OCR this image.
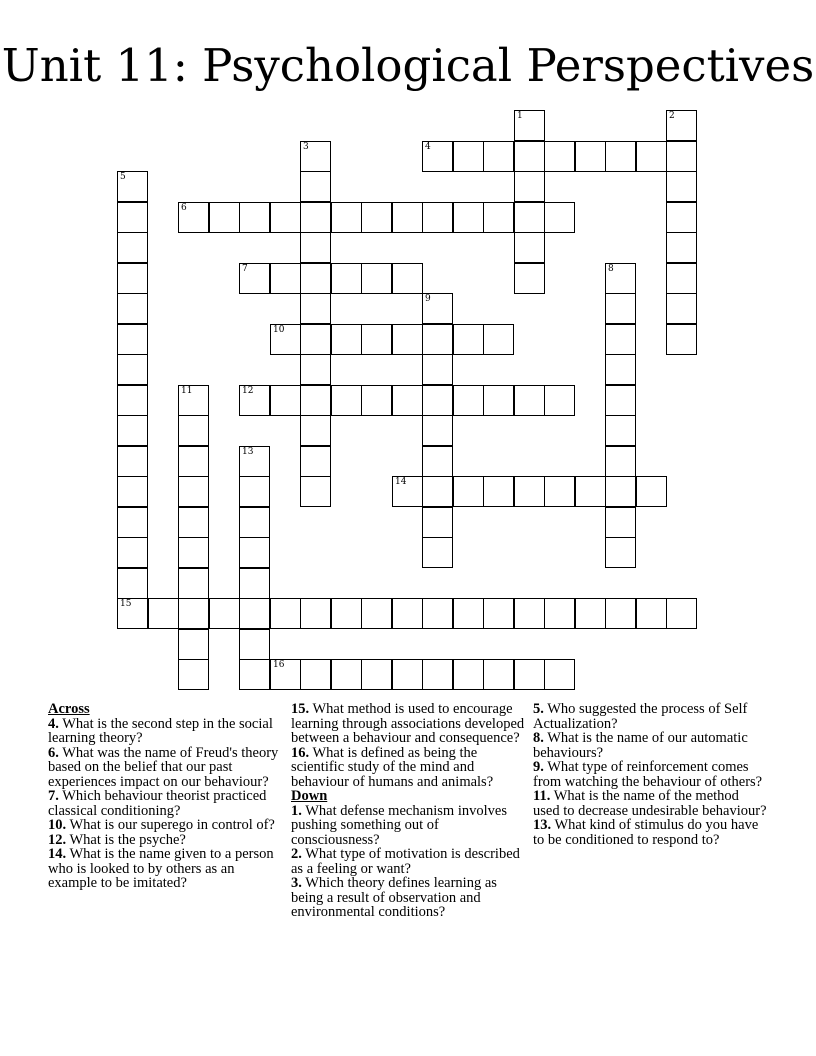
Unit 11: Psychological Perspectives
1	2
3	4
5
6
7	8
9
10
11	12
13
14
15
16
Across
4. What is the second step in the social learning theory?
6. What was the name of Freud's theory based on the belief that our past experiences impact on our behaviour?
7. Which behaviour theorist practiced classical conditioning?
10. What is our superego in control of?
12. What is the psyche?
14. What is the name given to a person who is looked to by others as an example to be imitated?
15. What method is used to encourage learning through associations developed between a behaviour and consequence?
16. What is defined as being the scientific study of the mind and behaviour of humans and animals?
Down
1. What defense mechanism involves pushing something out of consciousness?
2. What type of motivation is described as a feeling or want?
3. Which theory defines learning as being a result of observation and environmental conditions?
5. Who suggested the process of Self Actualization?
8. What is the name of our automatic behaviours?
9. What type of reinforcement comes from watching the behaviour of others?
11. What is the name of the method used to decrease undesirable behaviour?
13. What kind of stimulus do you have to be conditioned to respond to?
